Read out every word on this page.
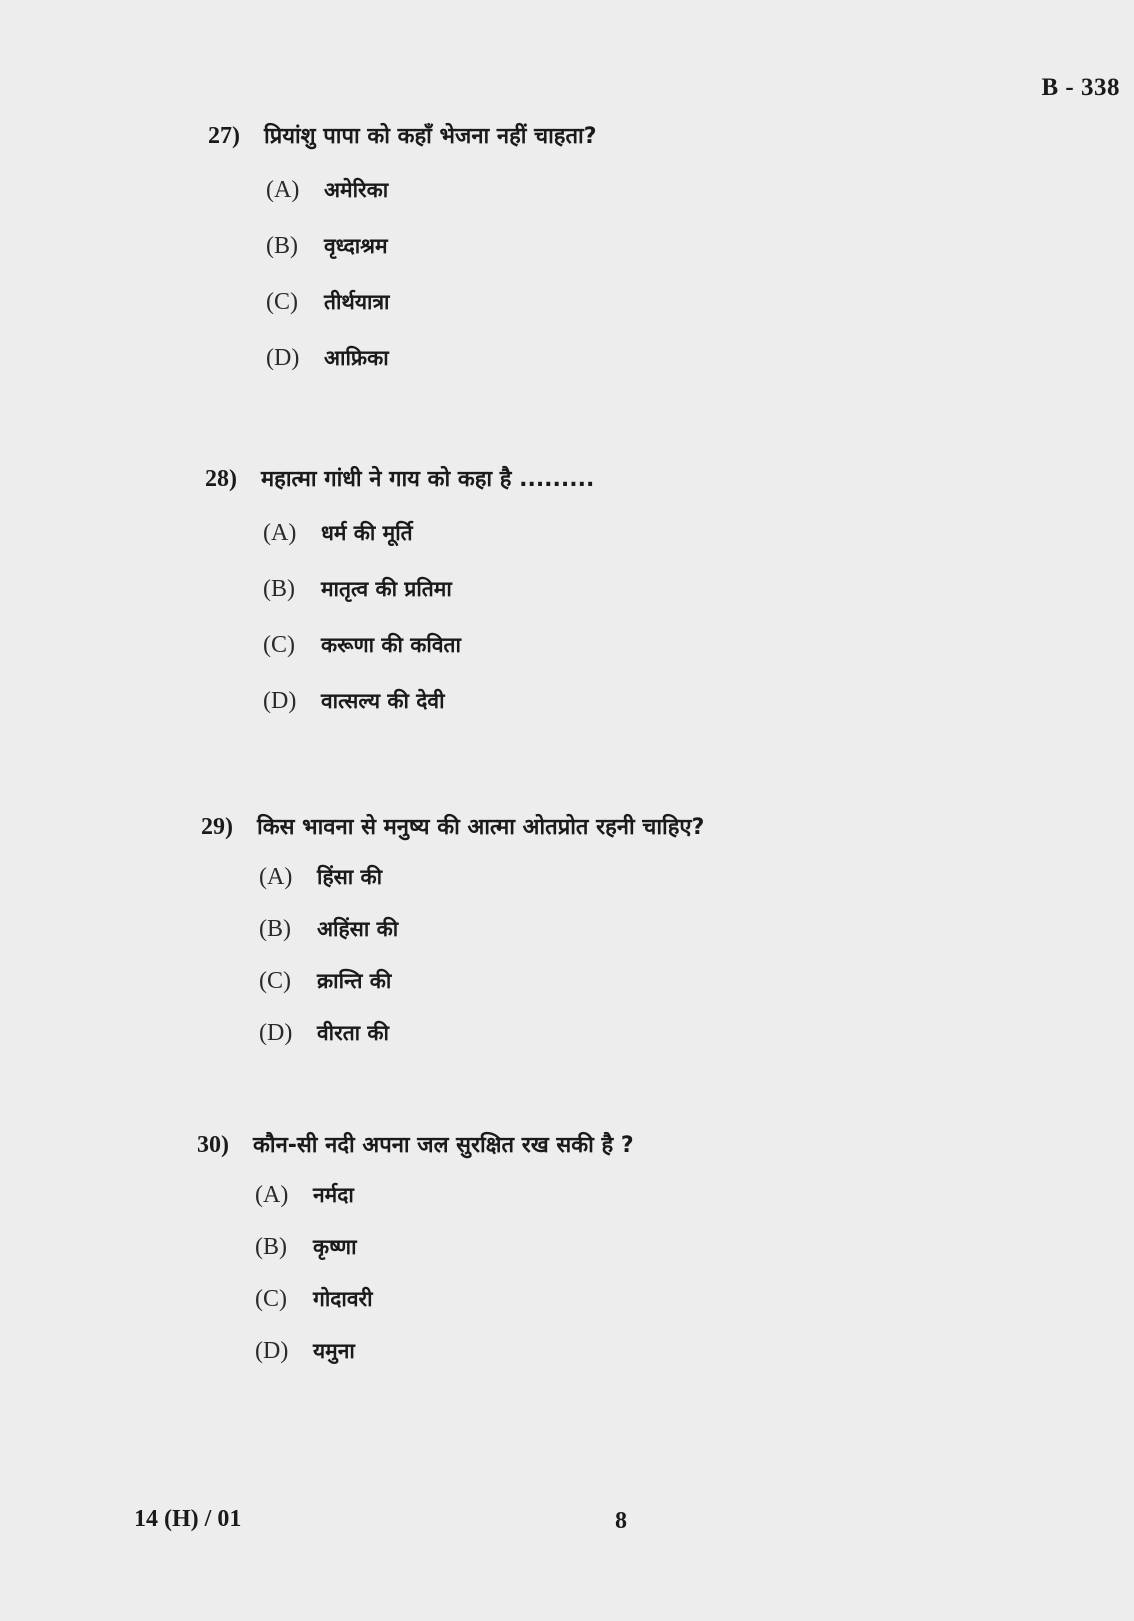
B - 338
27)	प्रियांशु पापा को कहाँ भेजना नहीं चाहता?
(A)	अमेरिका
(B)	वृध्दाश्रम
(C)	तीर्थयात्रा
(D)	आफ्रिका
28)	महात्मा गांधी ने गाय को कहा है .........
(A)	धर्म की मूर्ति
(B)	मातृत्व की प्रतिमा
(C)	करूणा की कविता
(D)	वात्सल्य की देवी
29)	किस भावना से मनुष्य की आत्मा ओतप्रोत रहनी चाहिए?
(A)	हिंसा की
(B)	अहिंसा की
(C)	क्रान्ति की
(D)	वीरता की
30)	कौन-सी नदी अपना जल सुरक्षित रख सकी है ?
(A)	नर्मदा
(B)	कृष्णा
(C)	गोदावरी
(D)	यमुना
14 (H) / 01	8
